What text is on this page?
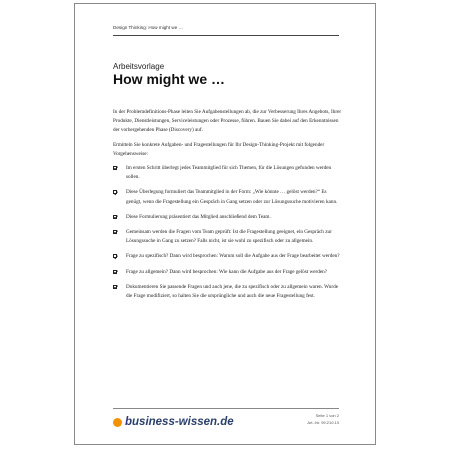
Design Thinking: How might we …
Arbeitsvorlage
How might we …

In der Problemdefinitions-Phase leiten Sie Aufgabenstellungen ab, die zur Verbesserung Ihres Angebots, Ihrer Produkte, Dienstleistungen, Serviceleistungen oder Prozesse, führen. Bauen Sie dabei auf den Erkenntnissen der vorhergehenden Phase (Discovery) auf.

Ermitteln Sie konkrete Aufgaben- und Fragestellungen für Ihr Design-Thinking-Projekt mit folgender Vorgehensweise:

Im ersten Schritt überlegt jedes Teammitglied für sich Themen, für die Lösungen gefunden werden sollen.
Diese Überlegung formuliert das Teammitglied in der Form: „Wie könnte … gelöst werden?“ Es genügt, wenn die Fragestellung ein Gespräch in Gang setzen oder zur Lösungssuche motivieren kann.
Diese Formulierung präsentiert das Mitglied anschließend dem Team.
Gemeinsam werden die Fragen vom Team geprüft: Ist die Fragestellung geeignet, ein Gespräch zur Lösungssuche in Gang zu setzen? Falls nicht, ist sie wohl zu spezifisch oder zu allgemein.
Frage zu spezifisch? Dann wird besprochen: Warum soll die Aufgabe aus der Frage bearbeitet werden?
Frage zu allgemein? Dann wird besprochen: Wie kann die Aufgabe aus der Frage gelöst werden?
Dokumentieren Sie passende Fragen und auch jene, die zu spezifisch oder zu allgemein waren. Wurde die Frage modifiziert, so halten Sie die ursprüngliche und auch die neue Fragestellung fest.
business-wissen.de
Seite 1 von 2
Art.-Nr. 99.210.13
